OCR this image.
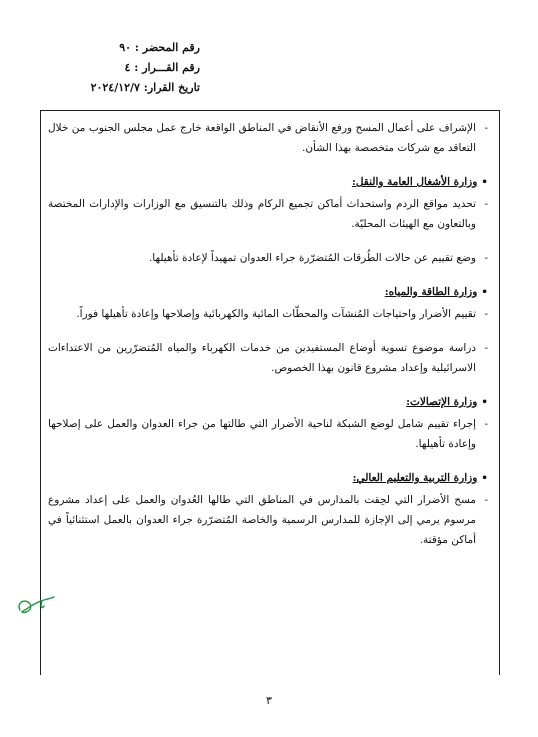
رقم المحضر : ٩٠
رقم القـــرار : ٤
تاريخ القرار: ٢٠٢٤/١٢/٧

-
الإشراف على أعمال المسح ورفع الأنقاض في المناطق الواقعة خارج عمل مجلس الجنوب من خلال التعاقد مع شركات متخصصة بهذا الشأن.

•وزارة الأشغال العامة والنقل:

-
تحديد مواقع الردم واستحداث أماكن تجميع الركام وذلك بالتنسيق مع الوزارات والإدارات المختصة وبالتعاون مع الهيئات المحليّة.

-
وضع تقييم عن حالات الطُرقات المُتضرّرة جراء العدوان تمهيداً لإعادة تأهيلها.

•وزارة الطاقة والمياه:

-
تقييم الأضرار واحتياجات المُنشآت والمحطّات المائية والكهربائية وإصلاحها وإعادة تأهيلها فوراً.

-
دراسة موضوع تسوية أوضاع المستفيدين من خدمات الكهرباء والمياه المُتضرّرين من الاعتداءات الاسرائيلية وإعداد مشروع قانون بهذا الخصوص.

•وزارة الإتصالات:

-
إجراء تقييم شامل لوضع الشبكة لناحية الأضرار التي طالتها من جراء العدوان والعمل على إصلاحها وإعادة تأهيلها.

•وزارة التربية والتعليم العالي:

-
مسح الأضرار التي لحِقت بالمدارس في المناطق التي طالها العُدوان والعمل على إعداد مشروع مرسوم يرمي إلى الإجازة للمدارس الرسمية والخاصة المُتضرّرة جراء العدوان بالعمل استثنائياً في أماكن مؤقتة.

٣
